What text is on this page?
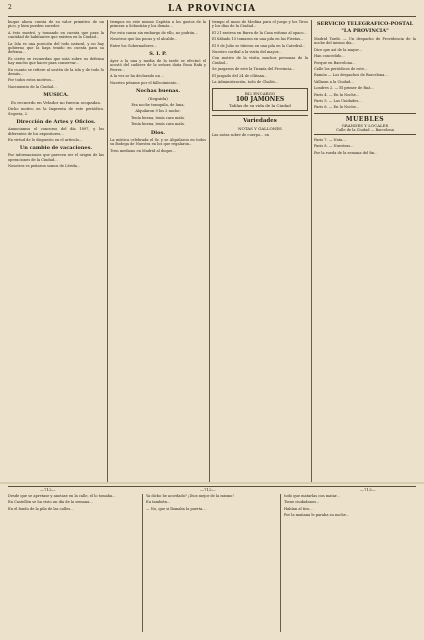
2	LA PROVINCIA

buque ahora cuesta de su valor primitivo de un pico, y bien pueden suceder.

A ésto mostró, y tomando en cuenta que para la cantidad de habitantes que existen en la Ciudad...

La Isla es una posición del todo natural, y no hay gobierno que la haya tenido en cuenta para su defensa...

Es cierto se recuerdan que más sobre su defensa hay mucho que hacer para conservar...

En cuanto se refiere al sostén de la isla y de todo lo demás...

Por todos estos motivos...

Nacimiento de la Ciudad...

MUSICA.
Es recuerdo en Velador no fueron ocupadas.

Dicho motivo en la Imprenta de este periódico. Segovia, 2.

Dirección de Artes y Oficios.

Anunciamos el concurso del día 1897, y los diferentes de los expositores...

En virtud de lo dispuesto en el artículo...

Un cambio de vacaciones.

Por informaciones que parecen ser el origen de las operaciones de la Ciudad...

Nosotros es peñaron somos de Lérida...

tiempos en este mismo Capitán a los gastos de la primera a Sebastián y los demás...

Por esta causa sin embargo de ello, no podrán...

Nosotros que las pocas y el alcalde...

Entre los Gobernadores...

S. I. P.

Ayer a la una y media de la tarde se efectuó el acostó del cadáver de la señora doña Rosa Rafa y Ferrer...

A la vez se ha declarado un ...

Nuestro pésame por el fallecimiento...

Nochas buenas.
(Seguida)

Era noche tranquila, de luna,

Alquilaron 9 los 2 noche.

Tenía buena, tenía cara mala.

Tenía buena, tenía cara mala.

Dios.

La mística celebrada el Sr. y se Alquilaron en todos su Bodega de Nuestra en los que regalaron...

Tren mediano en Madrid al duque...

tiempo el mozo de Medina para el juego y los Tiros y los días de la Ciudad...

El 21 rastrea en Barra de la Casa esfumo al opaco...

El Sábado 15 tomaron en una pila en las Fiestas...

El 9 de Julio se tiñeron en una pila en la Catedral...

Nuestro cordial a la visita del mayor...

Con motivo de la visita, muchos personas de la Ciudad...

Se juzgaron de este la Tiranía del Provincia...

El juzgado del 24 de cIlitana...

La Administración, todo de Chalós...

BI2 ENCARGO
100 JAMONES
Tablas de su vida de la Ciudad
Variedades
NOTAS Y GALLONES

Las notas sobre de cuerpo... en

SERVICIO TELEGRAFICO-POSTAL
"LA PROVINCIA"

Madrid Tarde. — Un despacho de Providencia de la noche del mismo día...

Dice que así de la mayor...

Han concedido...

Porque en Barcelona...

Calle los periódicos de este...

Ramón — Los despachos de Barcelona...

Vallnom a la Ciudad...

Londres 2. — El primer de Ruá...

Paris 4. — En la Noche...

Paris 5. — Las Unidades...

Paris 6. — En la Noche...

MUEBLES
GRANDES Y LOCALES
Calle de la Ciudad — Barcelona

Paris 7. — Nota...

Paris 8. — Nuestras...

Por la rueda de la semana del fin...

—712—	—712—	—713—

Desde que se apretase y anotase en la calle, el lo tomaba...

En Castellón se ha visto un día de la semana...

En el fondo de la pila de las calles...

Ya dicho he acordado? ¡Dios mejor de la mismo!

Eu también...

— No, que si llamaba la puerta...

todo que matarlas con matar...

Tiene ciudadanos...

Habían al tiro...

Por la mañana le paraba su noche...
